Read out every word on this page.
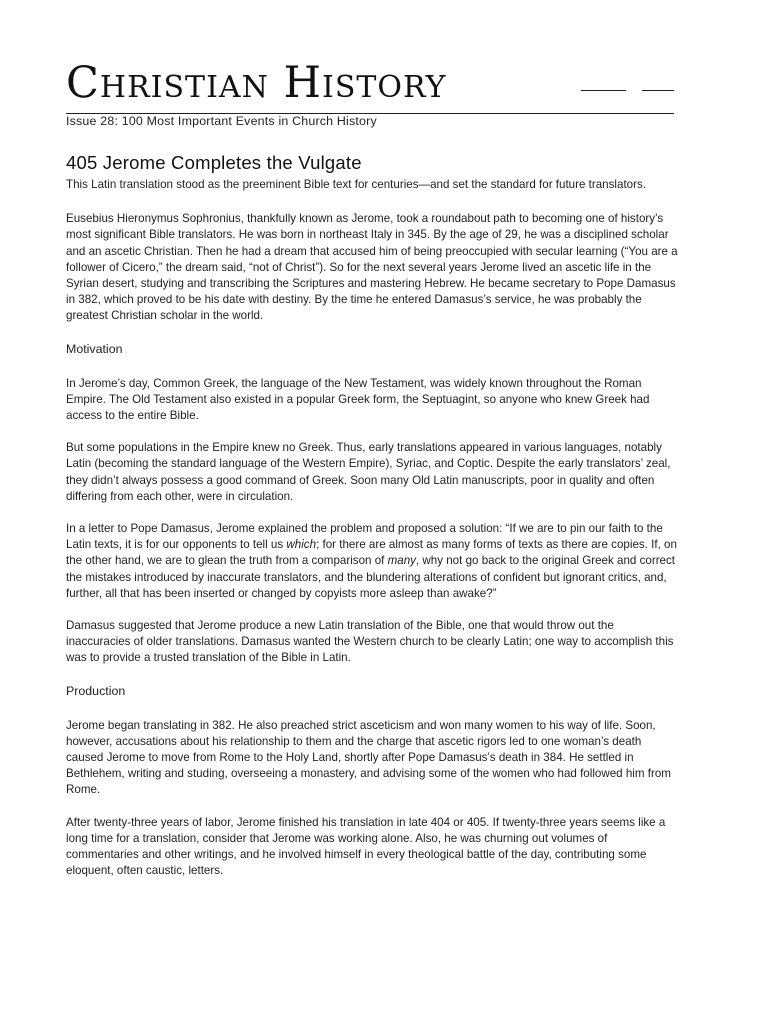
Christian History
Issue 28: 100 Most Important Events in Church History
405 Jerome Completes the Vulgate

This Latin translation stood as the preeminent Bible text for centuries—and set the standard for future translators.

Eusebius Hieronymus Sophronius, thankfully known as Jerome, took a roundabout path to becoming one of history’s most significant Bible translators. He was born in northeast Italy in 345. By the age of 29, he was a disciplined scholar and an ascetic Christian. Then he had a dream that accused him of being preoccupied with secular learning (“You are a follower of Cicero,” the dream said, “not of Christ”). So for the next several years Jerome lived an ascetic life in the Syrian desert, studying and transcribing the Scriptures and mastering Hebrew. He became secretary to Pope Damasus in 382, which proved to be his date with destiny. By the time he entered Damasus’s service, he was probably the greatest Christian scholar in the world.

Motivation

In Jerome’s day, Common Greek, the language of the New Testament, was widely known throughout the Roman Empire. The Old Testament also existed in a popular Greek form, the Septuagint, so anyone who knew Greek had access to the entire Bible.

But some populations in the Empire knew no Greek. Thus, early translations appeared in various languages, notably Latin (becoming the standard language of the Western Empire), Syriac, and Coptic. Despite the early translators’ zeal, they didn’t always possess a good command of Greek. Soon many Old Latin manuscripts, poor in quality and often differing from each other, were in circulation.

In a letter to Pope Damasus, Jerome explained the problem and proposed a solution: “If we are to pin our faith to the Latin texts, it is for our opponents to tell us which; for there are almost as many forms of texts as there are copies. If, on the other hand, we are to glean the truth from a comparison of many, why not go back to the original Greek and correct the mistakes introduced by inaccurate translators, and the blundering alterations of confident but ignorant critics, and, further, all that has been inserted or changed by copyists more asleep than awake?”

Damasus suggested that Jerome produce a new Latin translation of the Bible, one that would throw out the inaccuracies of older translations. Damasus wanted the Western church to be clearly Latin; one way to accomplish this was to provide a trusted translation of the Bible in Latin.

Production

Jerome began translating in 382. He also preached strict asceticism and won many women to his way of life. Soon, however, accusations about his relationship to them and the charge that ascetic rigors led to one woman’s death caused Jerome to move from Rome to the Holy Land, shortly after Pope Damasus’s death in 384. He settled in Bethlehem, writing and studing, overseeing a monastery, and advising some of the women who had followed him from Rome.

After twenty-three years of labor, Jerome finished his translation in late 404 or 405. If twenty-three years seems like a long time for a translation, consider that Jerome was working alone. Also, he was churning out volumes of commentaries and other writings, and he involved himself in every theological battle of the day, contributing some eloquent, often caustic, letters.
